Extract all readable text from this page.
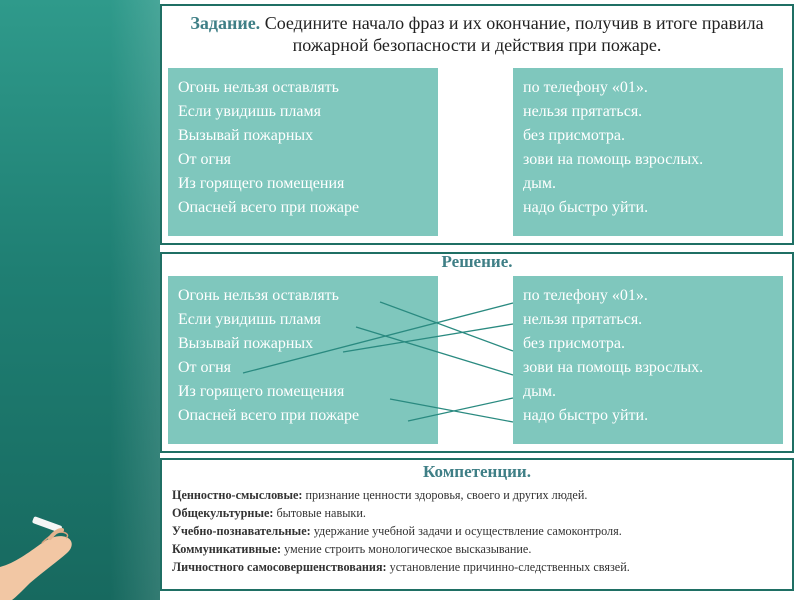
Задание. Соедините начало фраз и их окончание, получив в итоге правила пожарной безопасности и действия при пожаре.
Огонь нельзя оставлять
Если увидишь пламя
Вызывай пожарных
От огня
Из горящего помещения
Опасней всего при пожаре
по телефону «01».
нельзя прятаться.
без присмотра.
зови на помощь взрослых.
дым.
надо быстро уйти.
Решение.
Огонь нельзя оставлять
Если увидишь пламя
Вызывай пожарных
От огня
Из горящего помещения
Опасней всего при пожаре
по телефону «01».
нельзя прятаться.
без присмотра.
зови на помощь взрослых.
дым.
надо быстро уйти.
Компетенции.
Ценностно-смысловые: признание ценности здоровья, своего и других людей.
Общекультурные: бытовые навыки.
Учебно-познавательные: удержание учебной задачи и осуществление самоконтроля.
Коммуникативные: умение строить монологическое высказывание.
Личностного самосовершенствования: установление причинно-следственных связей.
